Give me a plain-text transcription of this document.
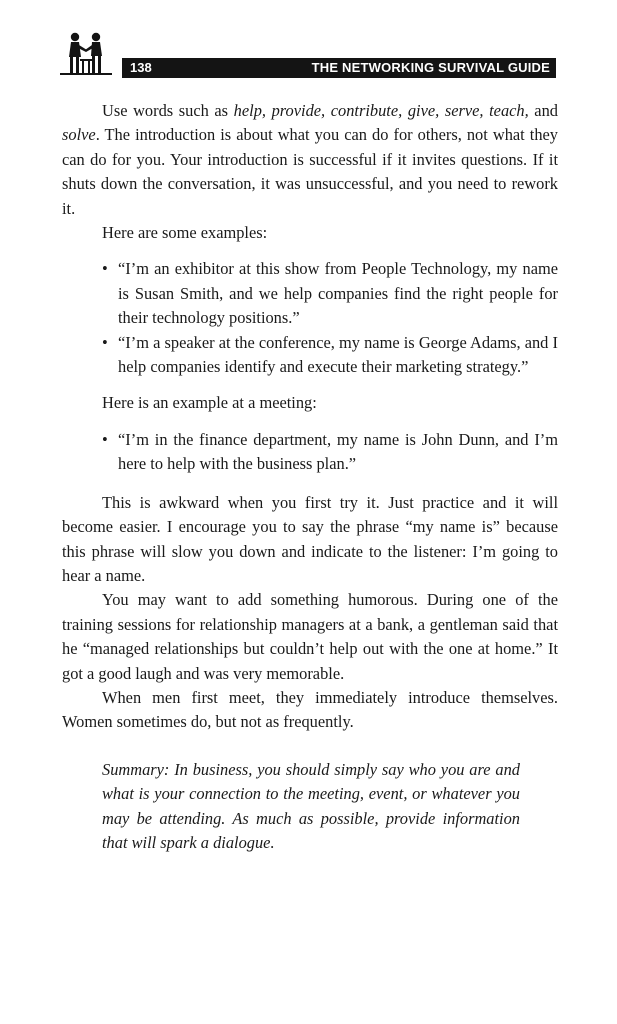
138	THE NETWORKING SURVIVAL GUIDE

Use words such as help, provide, contribute, give, serve, teach, and solve. The introduction is about what you can do for others, not what they can do for you. Your introduction is successful if it invites questions. If it shuts down the conversation, it was unsuccessful, and you need to rework it.

Here are some examples:

• “I’m an exhibitor at this show from People Technology, my name is Susan Smith, and we help companies find the right people for their technology positions.”
• “I’m a speaker at the conference, my name is George Adams, and I help companies identify and execute their marketing strategy.”

Here is an example at a meeting:

• “I’m in the finance department, my name is John Dunn, and I’m here to help with the business plan.”

This is awkward when you first try it. Just practice and it will become easier. I encourage you to say the phrase “my name is” because this phrase will slow you down and indicate to the listener: I’m going to hear a name.

You may want to add something humorous. During one of the training sessions for relationship managers at a bank, a gentleman said that he “managed relationships but couldn’t help out with the one at home.” It got a good laugh and was very memorable.

When men first meet, they immediately introduce themselves. Women sometimes do, but not as frequently.

Summary: In business, you should simply say who you are and what is your connection to the meeting, event, or whatever you may be attending. As much as possible, provide information that will spark a dialogue.
